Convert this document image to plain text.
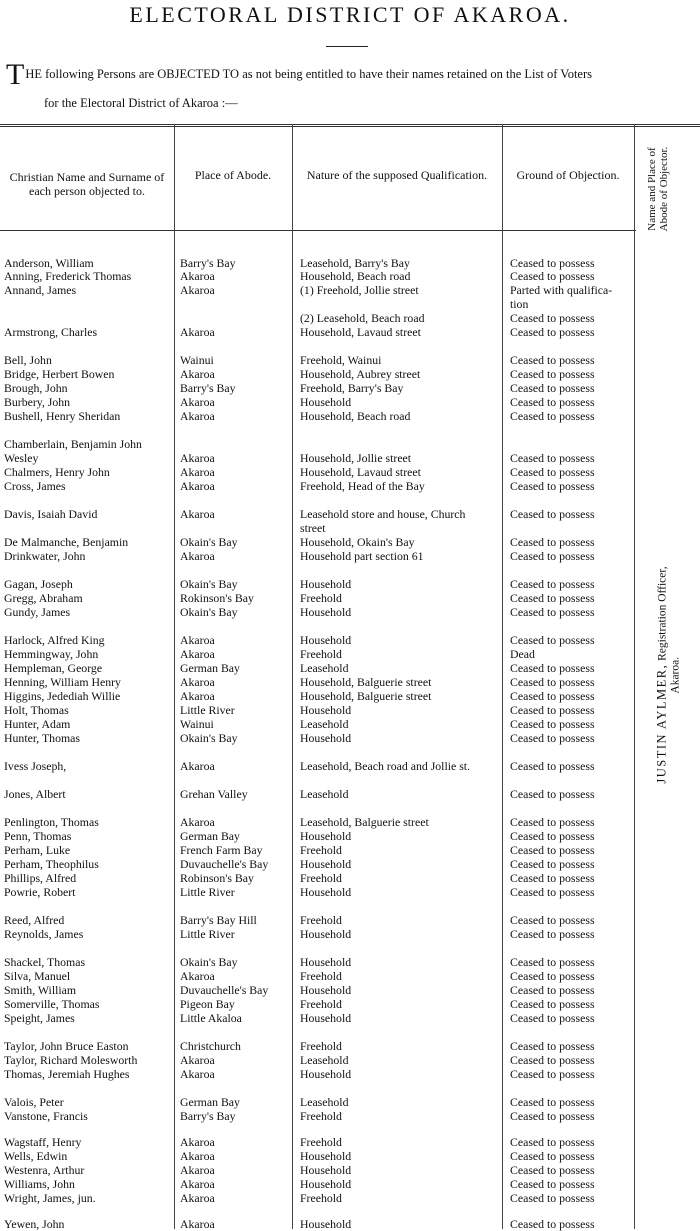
ELECTORAL DISTRICT OF AKAROA.
THE following Persons are OBJECTED TO as not being entitled to have their names retained on the List of Voters
for the Electoral District of Akaroa :—
Christian Name and Surname of each person objected to.
Place of Abode.	Nature of the supposed Qualification.	Ground of Objection.	Name and Place of Abode of Objector.
Anderson, William	Barry's Bay	Leasehold, Barry's Bay	Ceased to possess
Anning, Frederick Thomas	Akaroa	Household, Beach road	Ceased to possess
Annand, James	Akaroa	(1) Freehold, Jollie street	Parted with qualifica-
tion
(2) Leasehold, Beach road	Ceased to possess
Armstrong, Charles	Akaroa	Household, Lavaud street	Ceased to possess
Bell, John	Wainui	Freehold, Wainui	Ceased to possess
Bridge, Herbert Bowen	Akaroa	Household, Aubrey street	Ceased to possess
Brough, John	Barry's Bay	Freehold, Barry's Bay	Ceased to possess
Burbery, John	Akaroa	Household	Ceased to possess
Bushell, Henry Sheridan	Akaroa	Household, Beach road	Ceased to possess
Chamberlain, Benjamin John
Wesley	Akaroa	Household, Jollie street	Ceased to possess
Chalmers, Henry John	Akaroa	Household, Lavaud street	Ceased to possess
Cross, James	Akaroa	Freehold, Head of the Bay	Ceased to possess
Davis, Isaiah David	Akaroa	Leasehold store and house, Church	Ceased to possess
street
De Malmanche, Benjamin	Okain's Bay	Household, Okain's Bay	Ceased to possess
Drinkwater, John	Akaroa	Household part section 61	Ceased to possess
Gagan, Joseph	Okain's Bay	Household	Ceased to possess
Gregg, Abraham	Rokinson's Bay	Freehold	Ceased to possess
Gundy, James	Okain's Bay	Household	Ceased to possess
Harlock, Alfred King	Akaroa	Household	Ceased to possess
Hemmingway, John	Akaroa	Freehold	Dead
Hempleman, George	German Bay	Leasehold	Ceased to possess
Henning, William Henry	Akaroa	Household, Balguerie street	Ceased to possess
Higgins, Jedediah Willie	Akaroa	Household, Balguerie street	Ceased to possess
Holt, Thomas	Little River	Household	Ceased to possess
Hunter, Adam	Wainui	Leasehold	Ceased to possess
Hunter, Thomas	Okain's Bay	Household	Ceased to possess
Ivess Joseph,	Akaroa	Leasehold, Beach road and Jollie st.	Ceased to possess
Jones, Albert	Grehan Valley	Leasehold	Ceased to possess
Penlington, Thomas	Akaroa	Leasehold, Balguerie street	Ceased to possess
Penn, Thomas	German Bay	Household	Ceased to possess
Perham, Luke	French Farm Bay	Freehold	Ceased to possess
Perham, Theophilus	Duvauchelle's Bay	Household	Ceased to possess
Phillips, Alfred	Robinson's Bay	Freehold	Ceased to possess
Powrie, Robert	Little River	Household	Ceased to possess
Reed, Alfred	Barry's Bay Hill	Freehold	Ceased to possess
Reynolds, James	Little River	Household	Ceased to possess
Shackel, Thomas	Okain's Bay	Household	Ceased to possess
Silva, Manuel	Akaroa	Freehold	Ceased to possess
Smith, William	Duvauchelle's Bay	Household	Ceased to possess
Somerville, Thomas	Pigeon Bay	Freehold	Ceased to possess
Speight, James	Little Akaloa	Household	Ceased to possess
Taylor, John Bruce Easton	Christchurch	Freehold	Ceased to possess
Taylor, Richard Molesworth	Akaroa	Leasehold	Ceased to possess
Thomas, Jeremiah Hughes	Akaroa	Household	Ceased to possess
Valois, Peter	German Bay	Leasehold	Ceased to possess
Vanstone, Francis	Barry's Bay	Freehold	Ceased to possess
Wagstaff, Henry	Akaroa	Freehold	Ceased to possess
Wells, Edwin	Akaroa	Household	Ceased to possess
Westenra, Arthur	Akaroa	Household	Ceased to possess
Williams, John	Akaroa	Household	Ceased to possess
Wright, James, jun.	Akaroa	Freehold	Ceased to possess
Yewen, John	Akaroa	Household	Ceased to possess
JUSTIN AYLMER, Registration Officer,
Akaroa.
